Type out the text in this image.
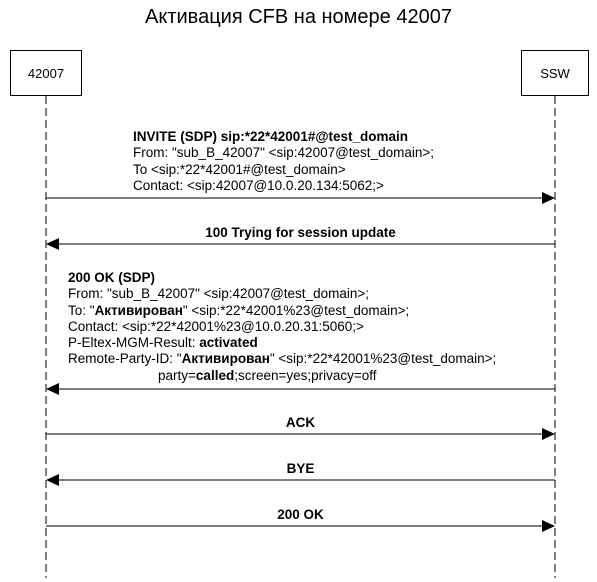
Активация CFB на номере 42007
42007	SSW
INVITE (SDP) sip:*22*42001#@test_domain
From: "sub_B_42007" <sip:42007@test_domain>;
To <sip:*22*42001#@test_domain>
Contact: <sip:42007@10.0.20.134:5062;>
100 Trying for session update
200 OK (SDP)
From: "sub_B_42007" <sip:42007@test_domain>;
To: "Активирован" <sip:*22*42001%23@test_domain>;
Contact: <sip:*22*42001%23@10.0.20.31:5060;>
P-Eltex-MGM-Result: activated
Remote-Party-ID: "Активирован" <sip:*22*42001%23@test_domain>;
party=called;screen=yes;privacy=off
ACK
BYE
200 OK
